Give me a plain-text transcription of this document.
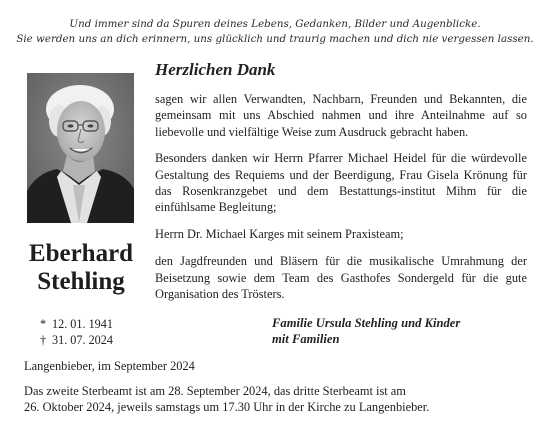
Und immer sind da Spuren deines Lebens, Gedanken, Bilder und Augenblicke.
Sie werden uns an dich erinnern, uns glücklich und traurig machen und dich nie vergessen lassen.
Herzlichen Dank

sagen wir allen Verwandten, Nachbarn, Freunden und Bekannten, die gemeinsam mit uns Abschied nahmen und ihre Anteilnahme auf so liebevolle und vielfältige Weise zum Ausdruck gebracht haben.

Besonders danken wir Herrn Pfarrer Michael Heidel für die würdevolle Gestaltung des Requiems und der Beerdigung, Frau Gisela Krönung für das Rosenkranzgebet und dem Bestattungs-institut Mihm für die einfühlsame Begleitung;

Herrn Dr. Michael Karges mit seinem Praxisteam;

den Jagdfreunden und Bläsern für die musikalische Umrahmung der Beisetzung sowie dem Team des Gasthofes Sondergeld für die gute Organisation des Trösters.

Eberhard
Stehling
* 12. 01. 1941
† 31. 07. 2024
Familie Ursula Stehling und Kinder
mit Familien
Langenbieber, im September 2024
Das zweite Sterbeamt ist am 28. September 2024, das dritte Sterbeamt ist am
26. Oktober 2024, jeweils samstags um 17.30 Uhr in der Kirche zu Langenbieber.
